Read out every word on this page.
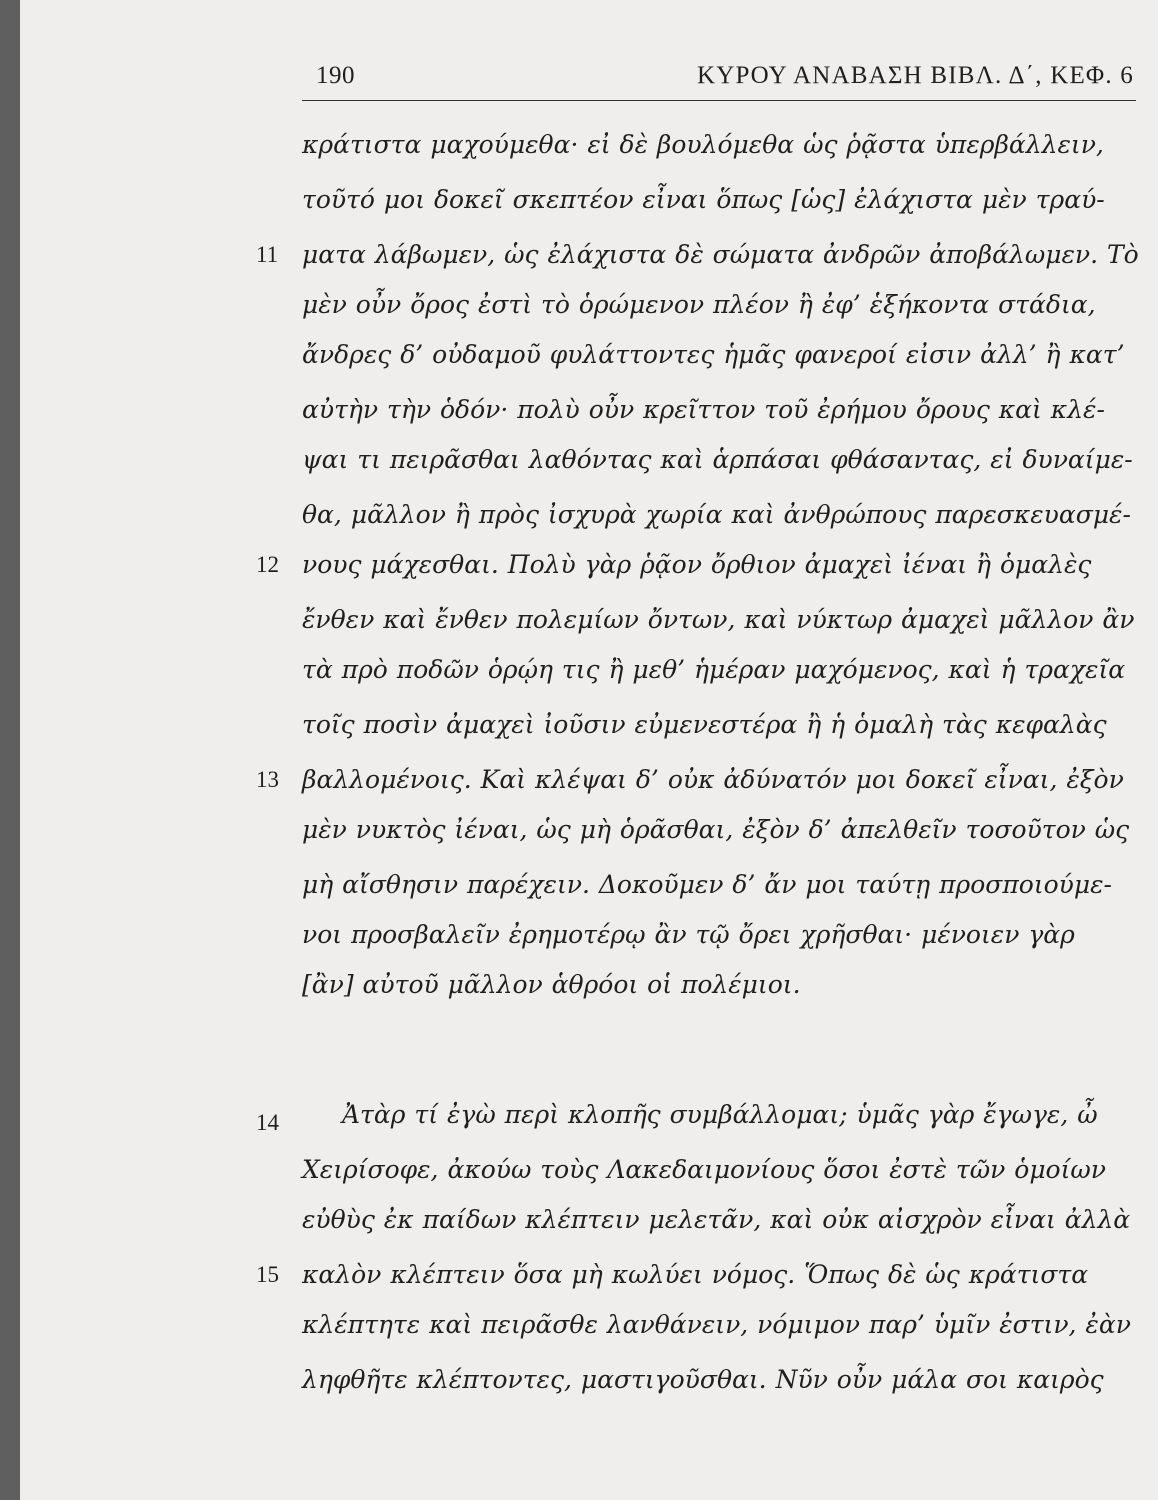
190	ΚΥΡΟΥ ΑΝΑΒΑΣΗ ΒΙΒΛ. Δ΄, ΚΕΦ. 6
κράτιστα μαχούμεθα· εἰ δὲ βουλόμεθα ὡς ῥᾷστα ὑπερβάλλειν,
τοῦτό μοι δοκεῖ σκεπτέον εἶναι ὅπως [ὡς] ἐλάχιστα μὲν τραύ-
ματα λάβωμεν, ὡς ἐλάχιστα δὲ σώματα ἀνδρῶν ἀποβάλωμεν. Τὸ
μὲν οὖν ὄρος ἐστὶ τὸ ὁρώμενον πλέον ἢ ἐφ’ ἑξήκοντα στάδια,
ἄνδρες δ’ οὐδαμοῦ φυλάττοντες ἡμᾶς φανεροί εἰσιν ἀλλ’ ἢ κατ’
αὐτὴν τὴν ὁδόν· πολὺ οὖν κρεῖττον τοῦ ἐρήμου ὄρους καὶ κλέ-
ψαι τι πειρᾶσθαι λαθόντας καὶ ἁρπάσαι φθάσαντας, εἰ δυναίμε-
θα, μᾶλλον ἢ πρὸς ἰσχυρὰ χωρία καὶ ἀνθρώπους παρεσκευασμέ-
νους μάχεσθαι. Πολὺ γὰρ ῥᾷον ὄρθιον ἀμαχεὶ ἰέναι ἢ ὁμαλὲς
ἔνθεν καὶ ἔνθεν πολεμίων ὄντων, καὶ νύκτωρ ἀμαχεὶ μᾶλλον ἂν
τὰ πρὸ ποδῶν ὁρῴη τις ἢ μεθ’ ἡμέραν μαχόμενος, καὶ ἡ τραχεῖα
τοῖς ποσὶν ἀμαχεὶ ἰοῦσιν εὐμενεστέρα ἢ ἡ ὁμαλὴ τὰς κεφαλὰς
βαλλομένοις. Καὶ κλέψαι δ’ οὐκ ἀδύνατόν μοι δοκεῖ εἶναι, ἐξὸν
μὲν νυκτὸς ἰέναι, ὡς μὴ ὁρᾶσθαι, ἐξὸν δ’ ἀπελθεῖν τοσοῦτον ὡς
μὴ αἴσθησιν παρέχειν. Δοκοῦμεν δ’ ἄν μοι ταύτῃ προσποιούμε-
νοι προσβαλεῖν ἐρημοτέρῳ ἂν τῷ ὄρει χρῆσθαι· μένοιεν γὰρ
[ἂν] αὐτοῦ μᾶλλον ἁθρόοι οἱ πολέμιοι.
Ἀτὰρ τί ἐγὼ περὶ κλοπῆς συμβάλλομαι; ὑμᾶς γὰρ ἔγωγε, ὦ
Χειρίσοφε, ἀκούω τοὺς Λακεδαιμονίους ὅσοι ἐστὲ τῶν ὁμοίων
εὐθὺς ἐκ παίδων κλέπτειν μελετᾶν, καὶ οὐκ αἰσχρὸν εἶναι ἀλλὰ
καλὸν κλέπτειν ὅσα μὴ κωλύει νόμος. Ὅπως δὲ ὡς κράτιστα
κλέπτητε καὶ πειρᾶσθε λανθάνειν, νόμιμον παρ’ ὑμῖν ἐστιν, ἐὰν
ληφθῆτε κλέπτοντες, μαστιγοῦσθαι. Νῦν οὖν μάλα σοι καιρὸς
11
12
13
14
15
